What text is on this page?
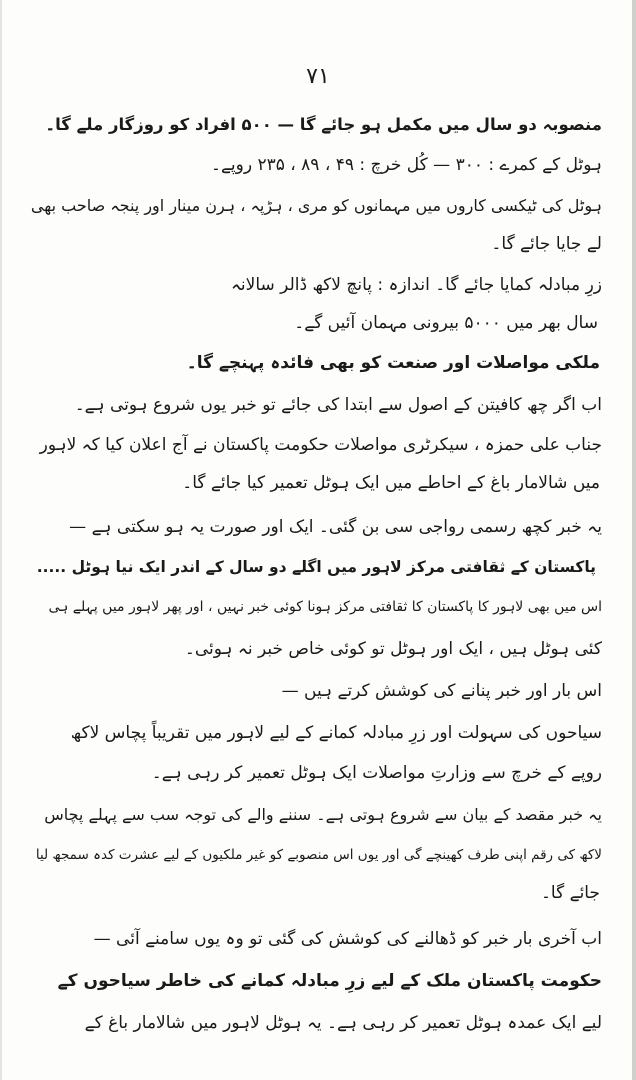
۷۱
منصوبہ دو سال میں مکمل ہو جائے گا — ۵۰۰ افراد کو روزگار ملے گا۔
ہوٹل کے کمرے : ۳۰۰ — کُل خرچ : ۴۹ ، ۸۹ ، ۲۳۵ روپے۔
ہوٹل کی ٹیکسی کاروں میں مہمانوں کو مری ، ہڑپہ ، ہرن مینار اور پنجہ صاحب بھی
لے جایا جائے گا۔
زرِ مبادلہ کمایا جائے گا۔ اندازہ : پانچ لاکھ ڈالر سالانہ
سال بھر میں ۵۰۰۰ بیرونی مہمان آئیں گے۔
ملکی مواصلات اور صنعت کو بھی فائدہ پہنچے گا۔
اب اگر چھ کافیتن کے اصول سے ابتدا کی جائے تو خبر یوں شروع ہوتی ہے۔
جناب علی حمزہ ، سیکرٹری مواصلات حکومت پاکستان نے آج اعلان کیا کہ لاہور
میں شالامار باغ کے احاطے میں ایک ہوٹل تعمیر کیا جائے گا۔
یہ خبر کچھ رسمی رواجی سی بن گئی۔ ایک اور صورت یہ ہو سکتی ہے —
پاکستان کے ثقافتی مرکز لاہور میں اگلے دو سال کے اندر ایک نیا ہوٹل .....
اس میں بھی لاہور کا پاکستان کا ثقافتی مرکز ہونا کوئی خبر نہیں ، اور پھر لاہور میں پہلے ہی
کئی ہوٹل ہیں ، ایک اور ہوٹل تو کوئی خاص خبر نہ ہوئی۔
اس بار اور خبر پنانے کی کوشش کرتے ہیں —
سیاحوں کی سہولت اور زرِ مبادلہ کمانے کے لیے لاہور میں تقریباً پچاس لاکھ
روپے کے خرچ سے وزارتِ مواصلات ایک ہوٹل تعمیر کر رہی ہے۔
یہ خبر مقصد کے بیان سے شروع ہوتی ہے۔ سننے والے کی توجہ سب سے پہلے پچاس
لاکھ کی رقم اپنی طرف کھینچے گی اور یوں اس منصوبے کو غیر ملکیوں کے لیے عشرت کدہ سمجھ لیا
جائے گا۔
اب آخری بار خبر کو ڈھالنے کی کوشش کی گئی تو وہ یوں سامنے آئی —
حکومت پاکستان ملک کے لیے زرِ مبادلہ کمانے کی خاطر سیاحوں کے
لیے ایک عمدہ ہوٹل تعمیر کر رہی ہے۔ یہ ہوٹل لاہور میں شالامار باغ کے
